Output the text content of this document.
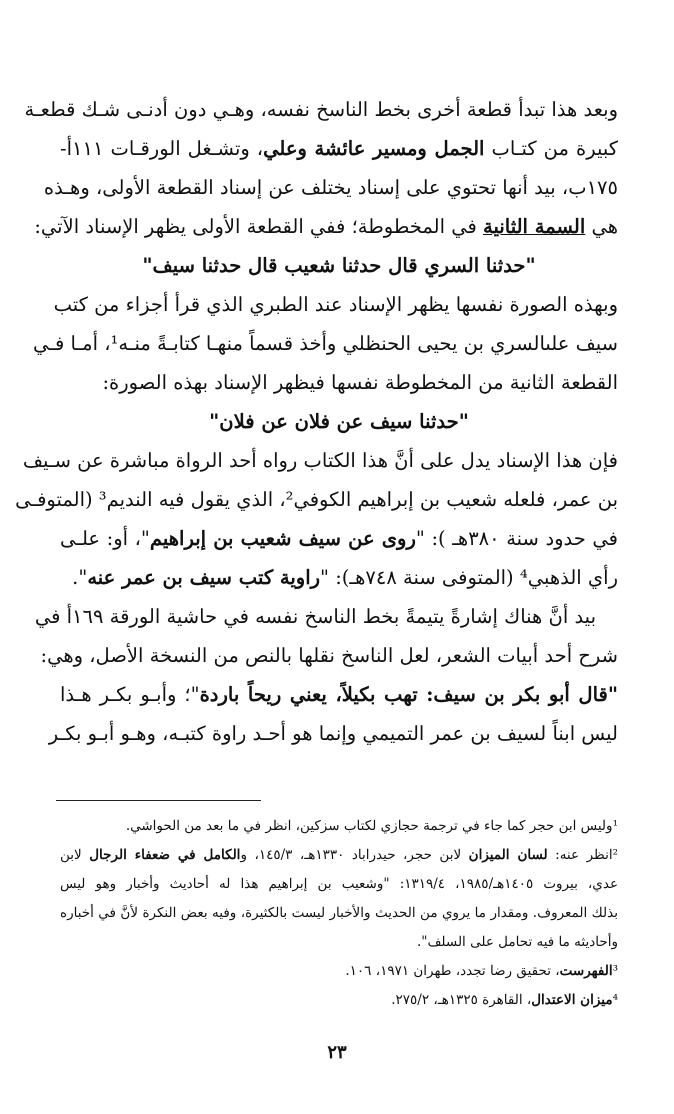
وبعد هذا تبدأ قطعة أخرى بخط الناسخ نفسه، وهـي دون أدنـى شـك قطعـة
كبيرة من كتـاب الجمل ومسير عائشة وعلي، وتشـغل الورقـات ١١١أ-
١٧٥ب، بيد أنها تحتوي على إسناد يختلف عن إسناد القطعة الأولى، وهـذه
هي السمة الثانية في المخطوطة؛ ففي القطعة الأولى يظهر الإسناد الآتي:
"حدثنا السري قال حدثنا شعيب قال حدثنا سيف"
وبهذه الصورة نفسها يظهر الإسناد عند الطبري الذي قرأ أجزاء من كتب
سيف علىالسري بن يحيى الحنظلي وأخذ قسماً منهـا كتابـةً منـه¹، أمـا فـي
القطعة الثانية من المخطوطة نفسها فيظهر الإسناد بهذه الصورة:
"حدثنا سيف عن فلان عن فلان"
فإن هذا الإسناد يدل على أنَّ هذا الكتاب رواه أحد الرواة مباشرة عن سـيف
بن عمر، فلعله شعيب بن إبراهيم الكوفي²، الذي يقول فيه النديم³ (المتوفـى
في حدود سنة ٣٨٠هـ ): "روى عن سيف شعيب بن إبراهيم"، أو: علـى
رأي الذهبي⁴ (المتوفى سنة ٧٤٨هـ): "راوية كتب سيف بن عمر عنه".
بيد أنَّ هناك إشارةً يتيمةً بخط الناسخ نفسه في حاشية الورقة ١٦٩أ في
شرح أحد أبيات الشعر، لعل الناسخ نقلها بالنص من النسخة الأصل، وهي:
"قال أبو بكر بن سيف: تهب بكيلاً، يعني ريحاً باردة"؛ وأبـو بكـر هـذا
ليس ابناً لسيف بن عمر التميمي وإنما هو أحـد راوة كتبـه، وهـو أبـو بكـر
¹وليس ابن حجر كما جاء في ترجمة حجازي لكتاب سزكين، انظر في ما بعد من الحواشي.
²انظر عنه: لسان الميزان لابن حجر، حيدراباد ١٣٣٠هـ، ١٤٥/٣، والكامل في ضعفاء الرجال لابن
عدي، بيروت ١٤٠٥هـ/١٩٨٥، ١٣١٩/٤: "وشعيب بن إبراهيم هذا له أحاديث وأخبار وهو ليس
بذلك المعروف. ومقدار ما يروي من الحديث والأخبار ليست بالكثيرة، وفيه بعض النكرة لأنَّ في أخباره
وأحاديثه ما فيه تحامل على السلف".
³الفهرست، تحقيق رضا تجدد، طهران ١٩٧١، ١٠٦.
⁴ميزان الاعتدال، القاهرة ١٣٢٥هـ، ٢٧٥/٢.
٢٣
